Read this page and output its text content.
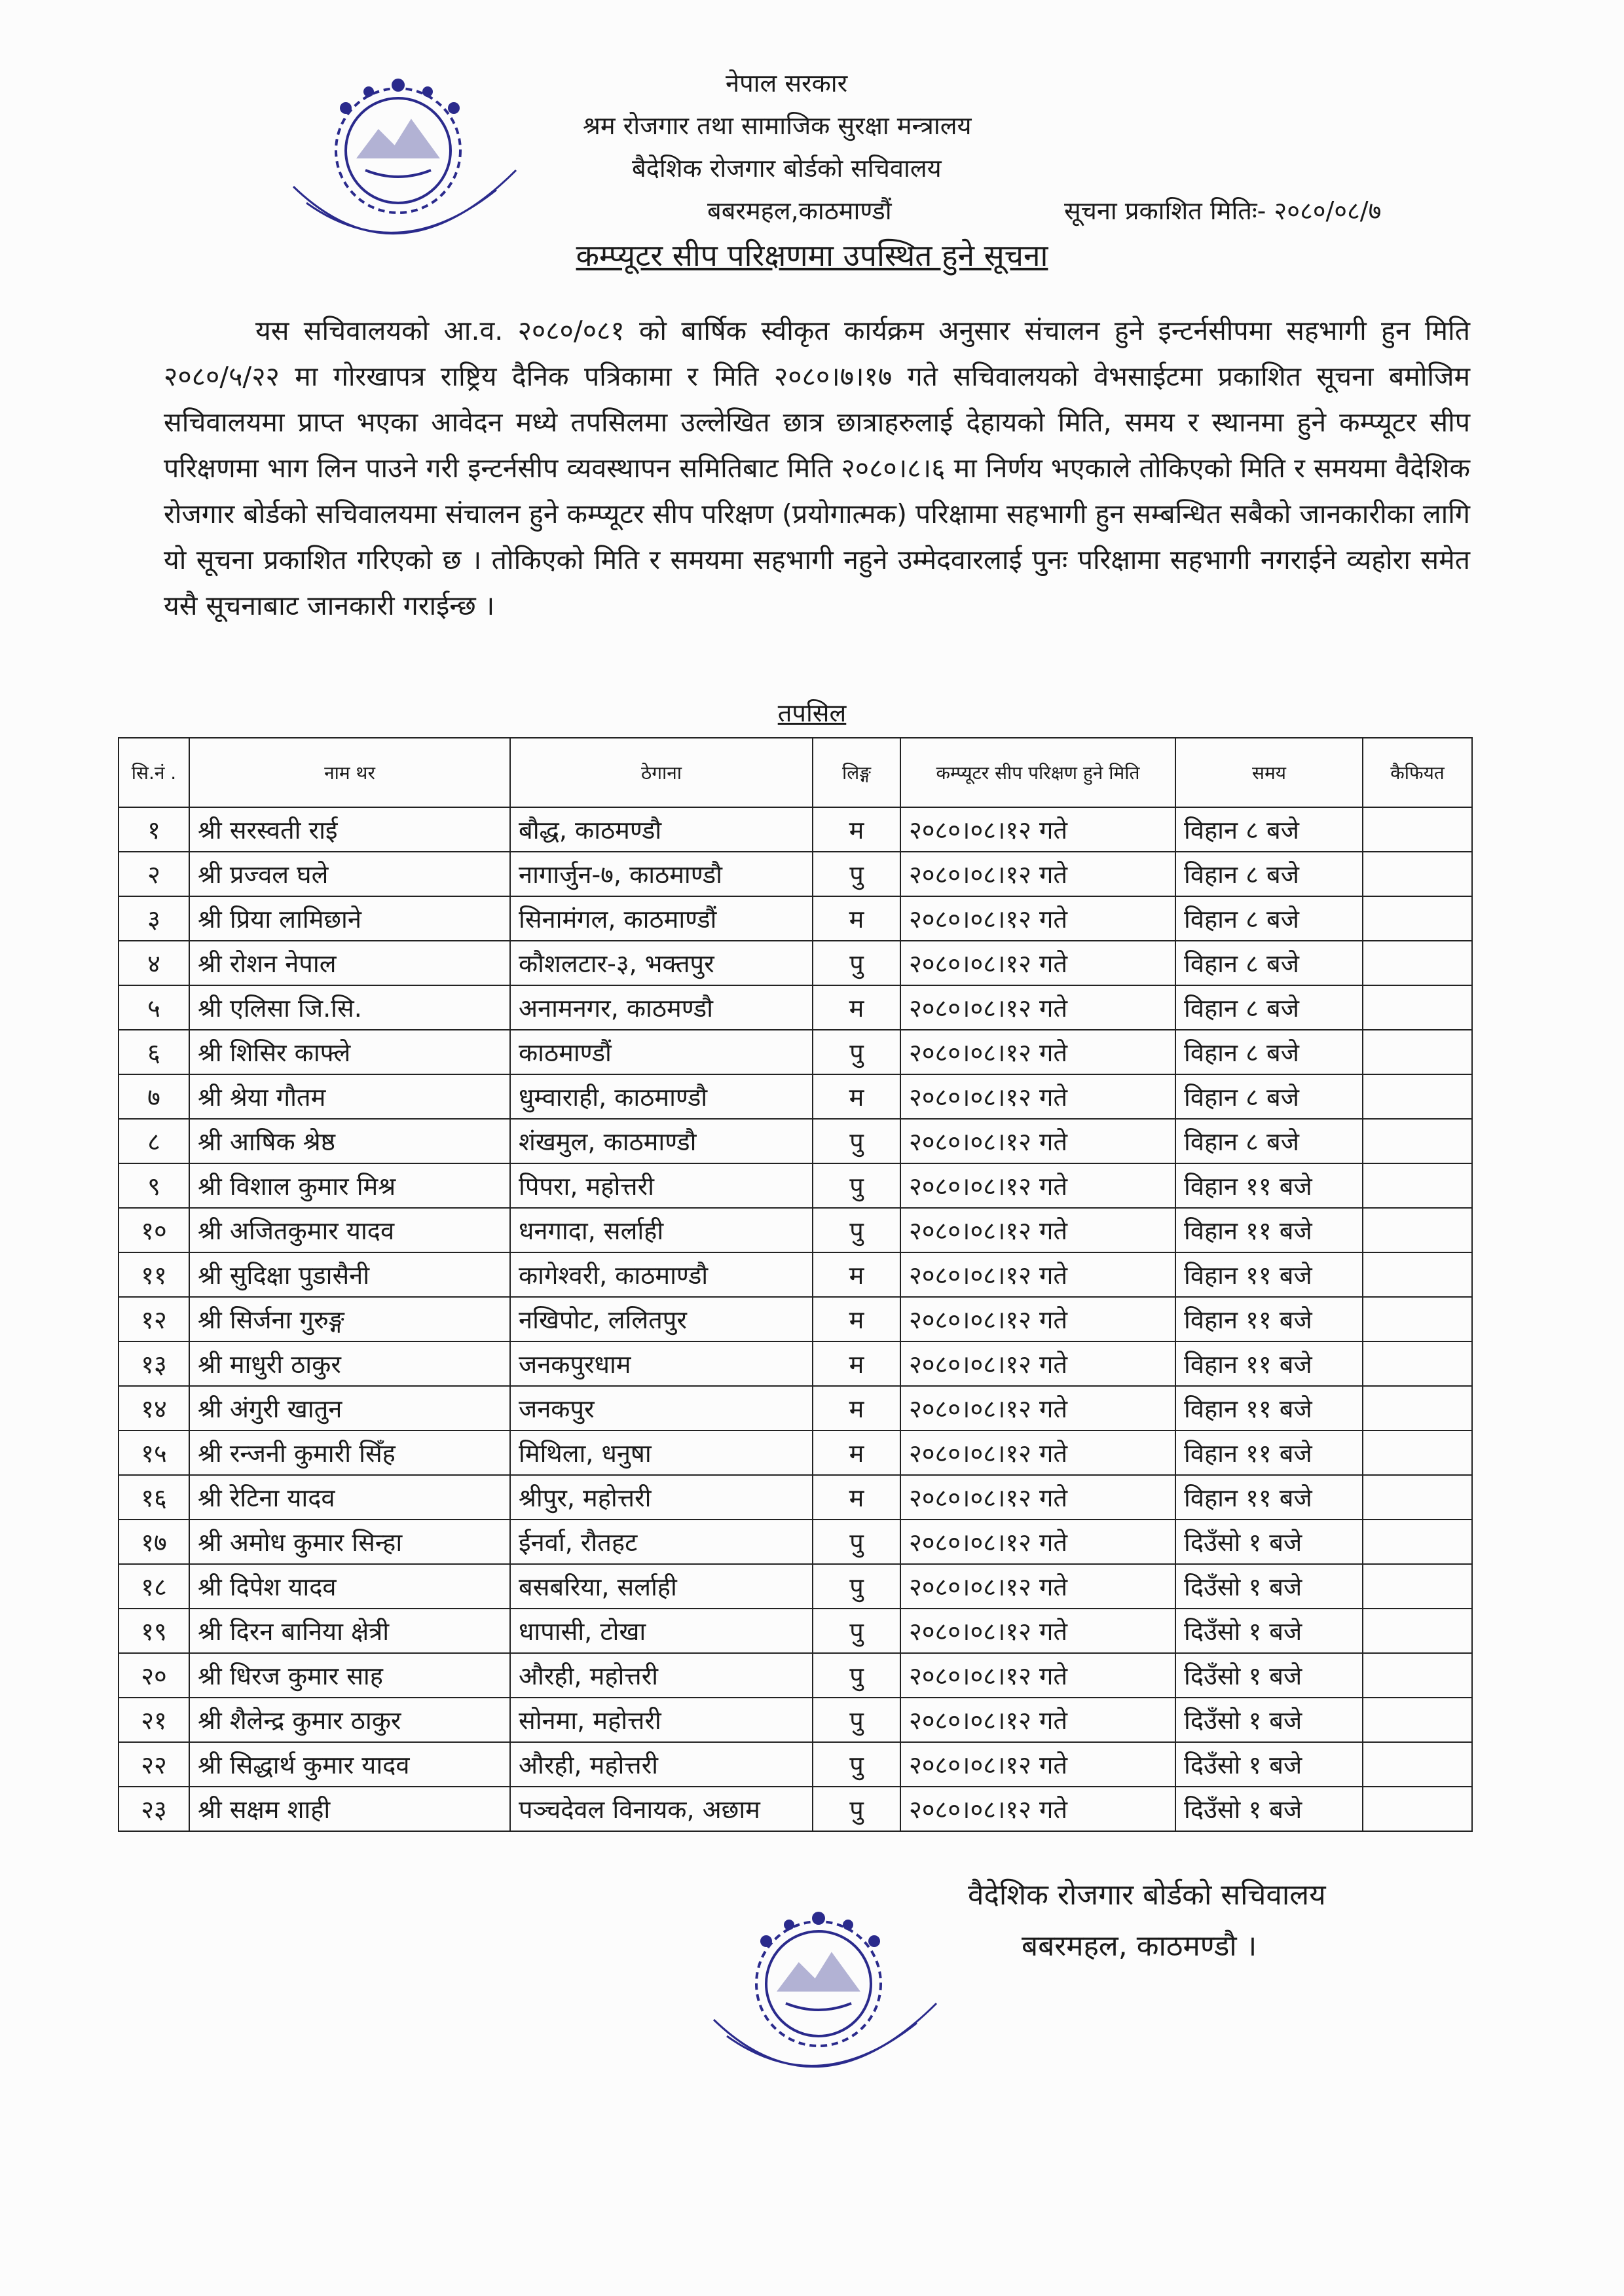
नेपाल सरकार
श्रम रोजगार तथा सामाजिक सुरक्षा मन्त्रालय
बैदेशिक रोजगार बोर्डको सचिवालय
बबरमहल,काठमाण्डौं	सूचना प्रकाशित मितिः- २०८०/०८/७
कम्प्यूटर सीप परिक्षणमा उपस्थित हुने सूचना
यस सचिवालयको आ.व. २०८०/०८१ को बार्षिक स्वीकृत कार्यक्रम अनुसार संचालन हुने इन्टर्नसीपमा सहभागी हुन मिति २०८०/५/२२ मा गोरखापत्र राष्ट्रिय दैनिक पत्रिकामा र मिति २०८०।७।१७ गते सचिवालयको वेभसाईटमा प्रकाशित सूचना बमोजिम सचिवालयमा प्राप्त भएका आवेदन मध्ये तपसिलमा उल्लेखित छात्र छात्राहरुलाई देहायको मिति, समय र स्थानमा हुने कम्प्यूटर सीप परिक्षणमा भाग लिन पाउने गरी इन्टर्नसीप व्यवस्थापन समितिबाट मिति २०८०।८।६ मा निर्णय भएकाले तोकिएको मिति र समयमा वैदेशिक रोजगार बोर्डको सचिवालयमा संचालन हुने कम्प्यूटर सीप परिक्षण (प्रयोगात्मक) परिक्षामा सहभागी हुन सम्बन्धित सबैको जानकारीका लागि यो सूचना प्रकाशित गरिएको छ । तोकिएको मिति र समयमा सहभागी नहुने उम्मेदवारलाई पुनः परिक्षामा सहभागी नगराईने व्यहोरा समेत यसै सूचनाबाट जानकारी गराईन्छ ।
तपसिल
सि.नं .	नाम थर	ठेगाना	लिङ्ग	कम्प्यूटर सीप परिक्षण हुने मिति	समय	कैफियत
१	श्री सरस्वती राई	बौद्ध, काठमण्डौ	म	२०८०।०८।१२ गते	विहान ८ बजे	
२	श्री प्रज्वल घले	नागार्जुन-७, काठमाण्डौ	पु	२०८०।०८।१२ गते	विहान ८ बजे	
३	श्री प्रिया लामिछाने	सिनामंगल, काठमाण्डौं	म	२०८०।०८।१२ गते	विहान ८ बजे	
४	श्री रोशन नेपाल	कौशलटार-३, भक्तपुर	पु	२०८०।०८।१२ गते	विहान ८ बजे	
५	श्री एलिसा जि.सि.	अनामनगर, काठमण्डौ	म	२०८०।०८।१२ गते	विहान ८ बजे	
६	श्री शिसिर काफ्ले	काठमाण्डौं	पु	२०८०।०८।१२ गते	विहान ८ बजे	
७	श्री श्रेया गौतम	धुम्वाराही, काठमाण्डौ	म	२०८०।०८।१२ गते	विहान ८ बजे	
८	श्री आषिक श्रेष्ठ	शंखमुल, काठमाण्डौ	पु	२०८०।०८।१२ गते	विहान ८ बजे	
९	श्री विशाल कुमार मिश्र	पिपरा, महोत्तरी	पु	२०८०।०८।१२ गते	विहान ११ बजे	
१०	श्री अजितकुमार यादव	धनगादा, सर्लाही	पु	२०८०।०८।१२ गते	विहान ११ बजे	
११	श्री सुदिक्षा पुडासैनी	कागेश्वरी, काठमाण्डौ	म	२०८०।०८।१२ गते	विहान ११ बजे	
१२	श्री सिर्जना गुरुङ्ग	नखिपोट, ललितपुर	म	२०८०।०८।१२ गते	विहान ११ बजे	
१३	श्री माधुरी ठाकुर	जनकपुरधाम	म	२०८०।०८।१२ गते	विहान ११ बजे	
१४	श्री अंगुरी खातुन	जनकपुर	म	२०८०।०८।१२ गते	विहान ११ बजे	
१५	श्री रन्जनी कुमारी सिँह	मिथिला, धनुषा	म	२०८०।०८।१२ गते	विहान ११ बजे	
१६	श्री रेटिना यादव	श्रीपुर, महोत्तरी	म	२०८०।०८।१२ गते	विहान ११ बजे	
१७	श्री अमोध कुमार सिन्हा	ईनर्वा, रौतहट	पु	२०८०।०८।१२ गते	दिउँसो १ बजे	
१८	श्री दिपेश यादव	बसबरिया, सर्लाही	पु	२०८०।०८।१२ गते	दिउँसो १ बजे	
१९	श्री दिरन बानिया क्षेत्री	धापासी, टोखा	पु	२०८०।०८।१२ गते	दिउँसो १ बजे	
२०	श्री धिरज कुमार साह	औरही, महोत्तरी	पु	२०८०।०८।१२ गते	दिउँसो १ बजे	
२१	श्री शैलेन्द्र कुमार ठाकुर	सोनमा, महोत्तरी	पु	२०८०।०८।१२ गते	दिउँसो १ बजे	
२२	श्री सिद्धार्थ कुमार यादव	औरही, महोत्तरी	पु	२०८०।०८।१२ गते	दिउँसो १ बजे	
२३	श्री सक्षम शाही	पञ्चदेवल विनायक, अछाम	पु	२०८०।०८।१२ गते	दिउँसो १ बजे	
वैदेशिक रोजगार बोर्डको सचिवालय
बबरमहल, काठमण्डौ ।
